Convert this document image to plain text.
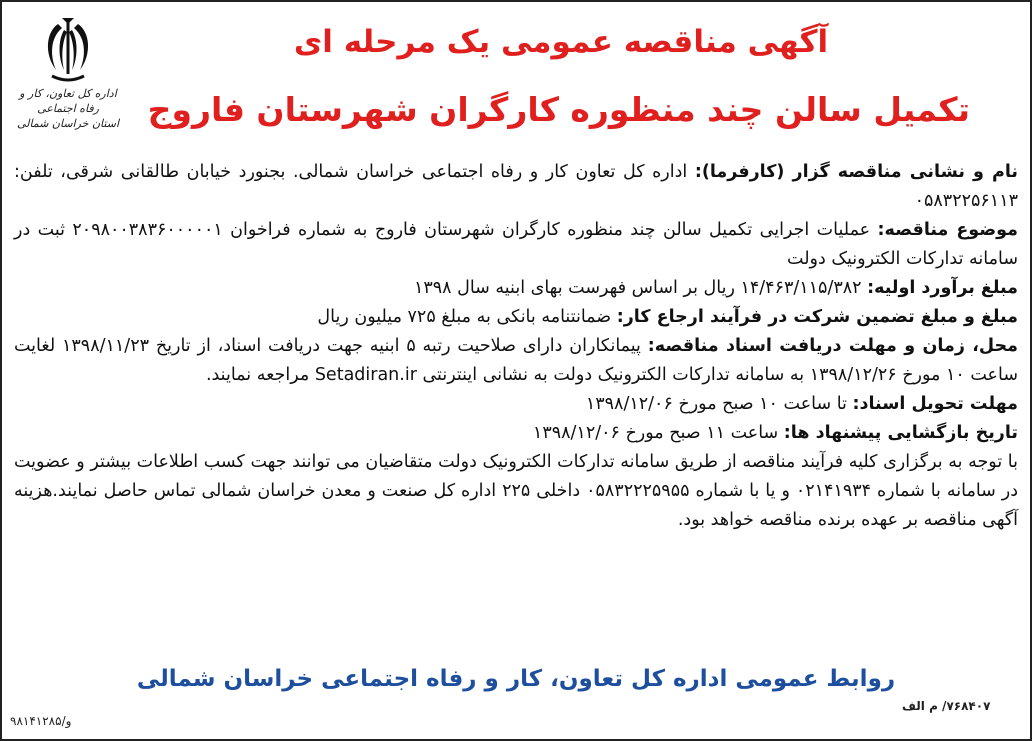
اداره کل تعاون، کار و رفاه اجتماعی
استان خراسان شمالی
آگهی مناقصه عمومی یک مرحله ای
تکمیل سالن چند منظوره کارگران شهرستان فاروج

نام و نشانی مناقصه گزار (کارفرما): اداره کل تعاون کار و رفاه اجتماعی خراسان شمالی. بجنورد خیابان طالقانی شرقی، تلفن: ۰۵۸۳۲۲۵۶۱۱۳

موضوع مناقصه: عملیات اجرایی تکمیل سالن چند منظوره کارگران شهرستان فاروج به شماره فراخوان ۲۰۹۸۰۰۳۸۳۶۰۰۰۰۰۱ ثبت در سامانه تدارکات الکترونیک دولت

مبلغ برآورد اولیه: ۱۴/۴۶۳/۱۱۵/۳۸۲ ریال بر اساس فهرست بهای ابنیه سال ۱۳۹۸

مبلغ و مبلغ تضمین شرکت در فرآیند ارجاع کار: ضمانتنامه بانکی به مبلغ ۷۲۵ میلیون ریال

محل، زمان و مهلت دریافت اسناد مناقصه: پیمانکاران دارای صلاحیت رتبه ۵ ابنیه جهت دریافت اسناد، از تاریخ ۱۳۹۸/۱۱/۲۳ لغایت ساعت ۱۰ مورخ ۱۳۹۸/۱۲/۲۶ به سامانه تدارکات الکترونیک دولت به نشانی اینترنتی Setadiran.ir مراجعه نمایند.

مهلت تحویل اسناد: تا ساعت ۱۰ صبح مورخ ۱۳۹۸/۱۲/۰۶

تاریخ بازگشایی پیشنهاد ها: ساعت ۱۱ صبح مورخ ۱۳۹۸/۱۲/۰۶

با توجه به برگزاری کلیه فرآیند مناقصه از طریق سامانه تدارکات الکترونیک دولت متقاضیان می توانند جهت کسب اطلاعات بیشتر و عضویت در سامانه با شماره ۰۲۱۴۱۹۳۴ و یا با شماره ۰۵۸۳۲۲۲۵۹۵۵ داخلی ۲۲۵ اداره کل صنعت و معدن خراسان شمالی تماس حاصل نمایند.هزینه آگهی مناقصه بر عهده برنده مناقصه خواهد بود.

روابط عمومی اداره کل تعاون، کار و رفاه اجتماعی خراسان شمالی
۷۶۸۴۰۷/ م الف
و/۹۸۱۴۱۲۸۵
